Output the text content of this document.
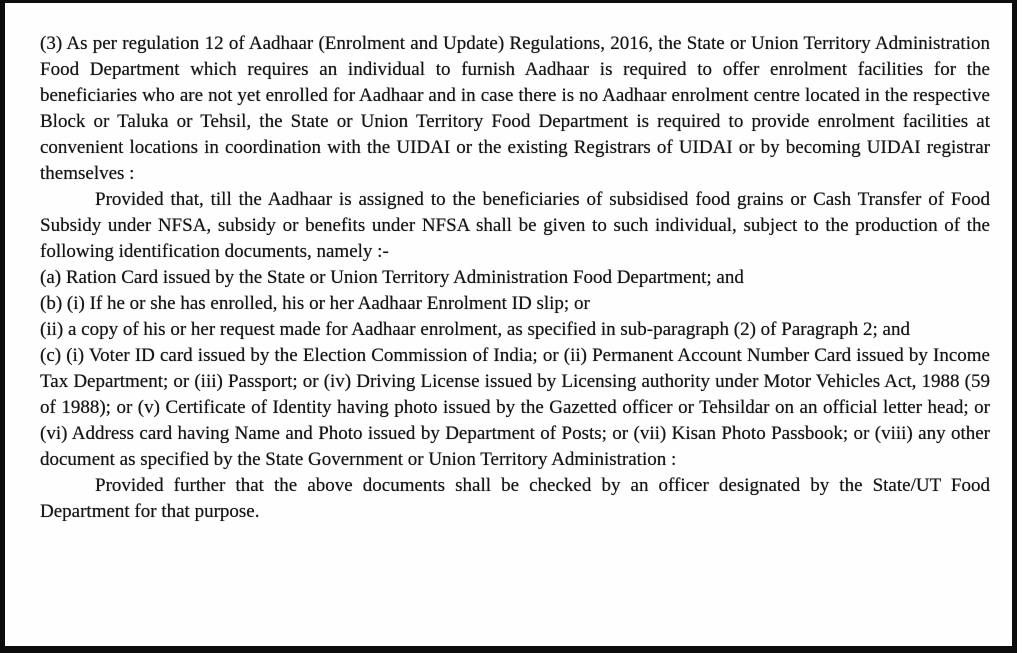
(3) As per regulation 12 of Aadhaar (Enrolment and Update) Regulations, 2016, the State or Union Territory Administration Food Department which requires an individual to furnish Aadhaar is required to offer enrolment facilities for the beneficiaries who are not yet enrolled for Aadhaar and in case there is no Aadhaar enrolment centre located in the respective Block or Taluka or Tehsil, the State or Union Territory Food Department is required to provide enrolment facilities at convenient locations in coordination with the UIDAI or the existing Registrars of UIDAI or by becoming UIDAI registrar themselves :

Provided that, till the Aadhaar is assigned to the beneficiaries of subsidised food grains or Cash Transfer of Food Subsidy under NFSA, subsidy or benefits under NFSA shall be given to such individual, subject to the production of the following identification documents, namely :-

(a) Ration Card issued by the State or Union Territory Administration Food Department; and

(b) (i) If he or she has enrolled, his or her Aadhaar Enrolment ID slip; or

(ii) a copy of his or her request made for Aadhaar enrolment, as specified in sub-paragraph (2) of Paragraph 2; and

(c) (i) Voter ID card issued by the Election Commission of India; or (ii) Permanent Account Number Card issued by Income Tax Department; or (iii) Passport; or (iv) Driving License issued by Licensing authority under Motor Vehicles Act, 1988 (59 of 1988); or (v) Certificate of Identity having photo issued by the Gazetted officer or Tehsildar on an official letter head; or (vi) Address card having Name and Photo issued by Department of Posts; or (vii) Kisan Photo Passbook; or (viii) any other document as specified by the State Government or Union Territory Administration :

Provided further that the above documents shall be checked by an officer designated by the State/UT Food Department for that purpose.
